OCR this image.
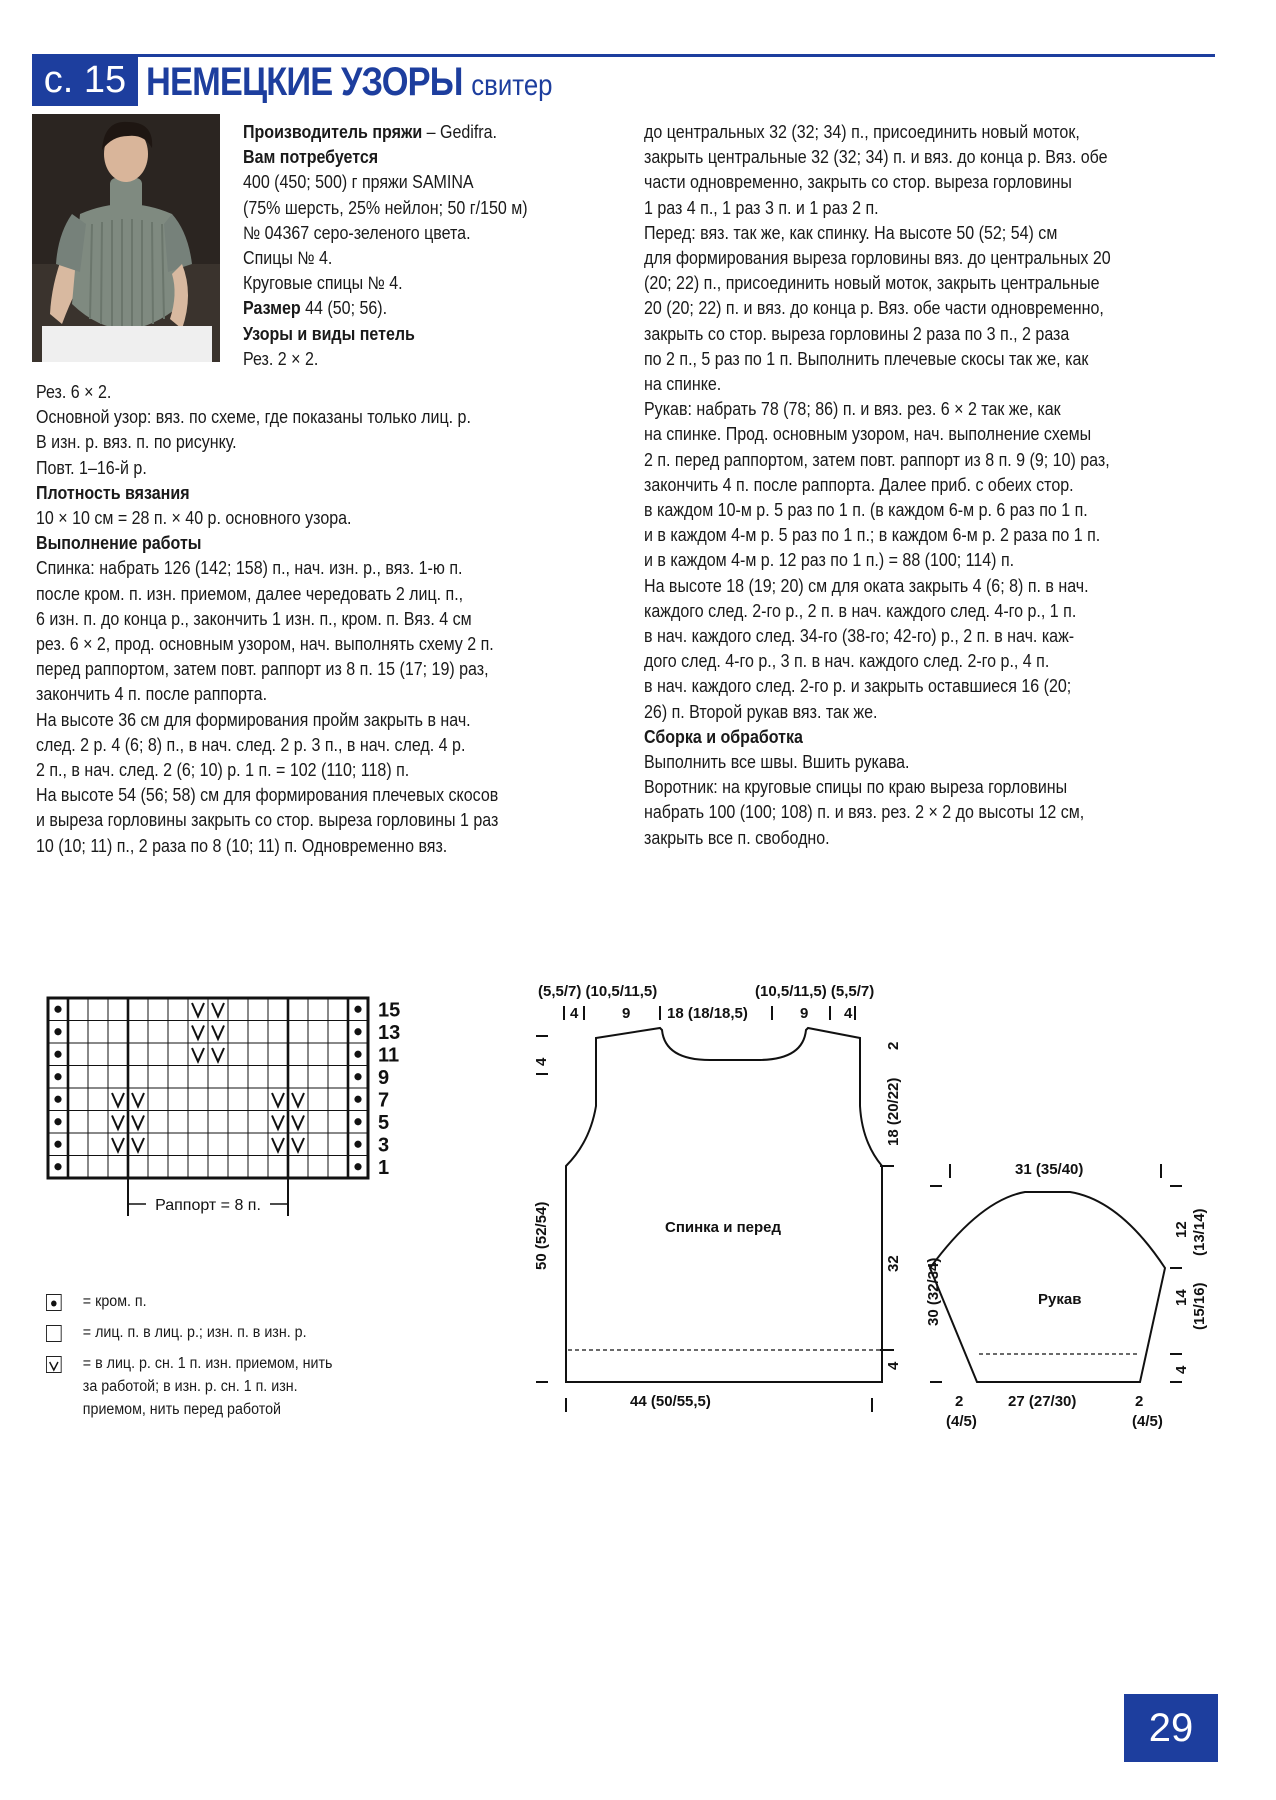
с. 15 НЕМЕЦКИЕ УЗОРЫ свитер

Производитель пряжи – Gedifra.

Вам потребуется

400 (450; 500) г пряжи SAMINA

(75% шерсть, 25% нейлон; 50 г/150 м)

№ 04367 серо-зеленого цвета.

Спицы № 4.

Круговые спицы № 4.

Размер 44 (50; 56).

Узоры и виды петель

Рез. 2 × 2.

Рез. 6 × 2.

Основной узор: вяз. по схеме, где показаны только лиц. р.

В изн. р. вяз. п. по рисунку.

Повт. 1–16-й р.

Плотность вязания

10 × 10 см = 28 п. × 40 р. основного узора.

Выполнение работы

Спинка: набрать 126 (142; 158) п., нач. изн. р., вяз. 1-ю п.

после кром. п. изн. приемом, далее чередовать 2 лиц. п.,

6 изн. п. до конца р., закончить 1 изн. п., кром. п. Вяз. 4 см

рез. 6 × 2, прод. основным узором, нач. выполнять схему 2 п.

перед раппортом, затем повт. раппорт из 8 п. 15 (17; 19) раз,

закончить 4 п. после раппорта.

На высоте 36 см для формирования пройм закрыть в нач.

след. 2 р. 4 (6; 8) п., в нач. след. 2 р. 3 п., в нач. след. 4 р.

2 п., в нач. след. 2 (6; 10) р. 1 п. = 102 (110; 118) п.

На высоте 54 (56; 58) см для формирования плечевых скосов

и выреза горловины закрыть со стор. выреза горловины 1 раз

10 (10; 11) п., 2 раза по 8 (10; 11) п. Одновременно вяз.

до центральных 32 (32; 34) п., присоединить новый моток,

закрыть центральные 32 (32; 34) п. и вяз. до конца р. Вяз. обе

части одновременно, закрыть со стор. выреза горловины

1 раз 4 п., 1 раз 3 п. и 1 раз 2 п.

Перед: вяз. так же, как спинку. На высоте 50 (52; 54) см

для формирования выреза горловины вяз. до центральных 20

(20; 22) п., присоединить новый моток, закрыть центральные

20 (20; 22) п. и вяз. до конца р. Вяз. обе части одновременно,

закрыть со стор. выреза горловины 2 раза по 3 п., 2 раза

по 2 п., 5 раз по 1 п. Выполнить плечевые скосы так же, как

на спинке.

Рукав: набрать 78 (78; 86) п. и вяз. рез. 6 × 2 так же, как

на спинке. Прод. основным узором, нач. выполнение схемы

2 п. перед раппортом, затем повт. раппорт из 8 п. 9 (9; 10) раз,

закончить 4 п. после раппорта. Далее приб. с обеих стор.

в каждом 10-м р. 5 раз по 1 п. (в каждом 6-м р. 6 раз по 1 п.

и в каждом 4-м р. 5 раз по 1 п.; в каждом 6-м р. 2 раза по 1 п.

и в каждом 4-м р. 12 раз по 1 п.) = 88 (100; 114) п.

На высоте 18 (19; 20) см для оката закрыть 4 (6; 8) п. в нач.

каждого след. 2-го р., 2 п. в нач. каждого след. 4-го р., 1 п.

в нач. каждого след. 34-го (38-го; 42-го) р., 2 п. в нач. каж-

дого след. 4-го р., 3 п. в нач. каждого след. 2-го р., 4 п.

в нач. каждого след. 2-го р. и закрыть оставшиеся 16 (20;

26) п. Второй рукав вяз. так же.

Сборка и обработка

Выполнить все швы. Вшить рукава.

Воротник: на круговые спицы по краю выреза горловины

набрать 100 (100; 108) п. и вяз. рез. 2 × 2 до высоты 12 см,

закрыть все п. свободно.

15
13
11
9
7
5
3
1
Раппорт = 8 п.
= кром. п.
= лиц. п. в лиц. р.; изн. п. в изн. р.
= в лиц. р. сн. 1 п. изн. приемом, нить
за работой; в изн. р. сн. 1 п. изн.
приемом, нить перед работой
(5,5/7) (10,5/11,5)	(10,5/11,5) (5,5/7)
4	9 18 (18/18,5)	9 4
Спинка и перед
44 (50/55,5)
31 (35/40)
Рукав
27 (27/30)
2
(4/5)
2
(4/5)
4
50 (52/54)
2
18 (20/22)
32
4
30 (32/34)
12 (13/14)
14 (15/16)
4
29
